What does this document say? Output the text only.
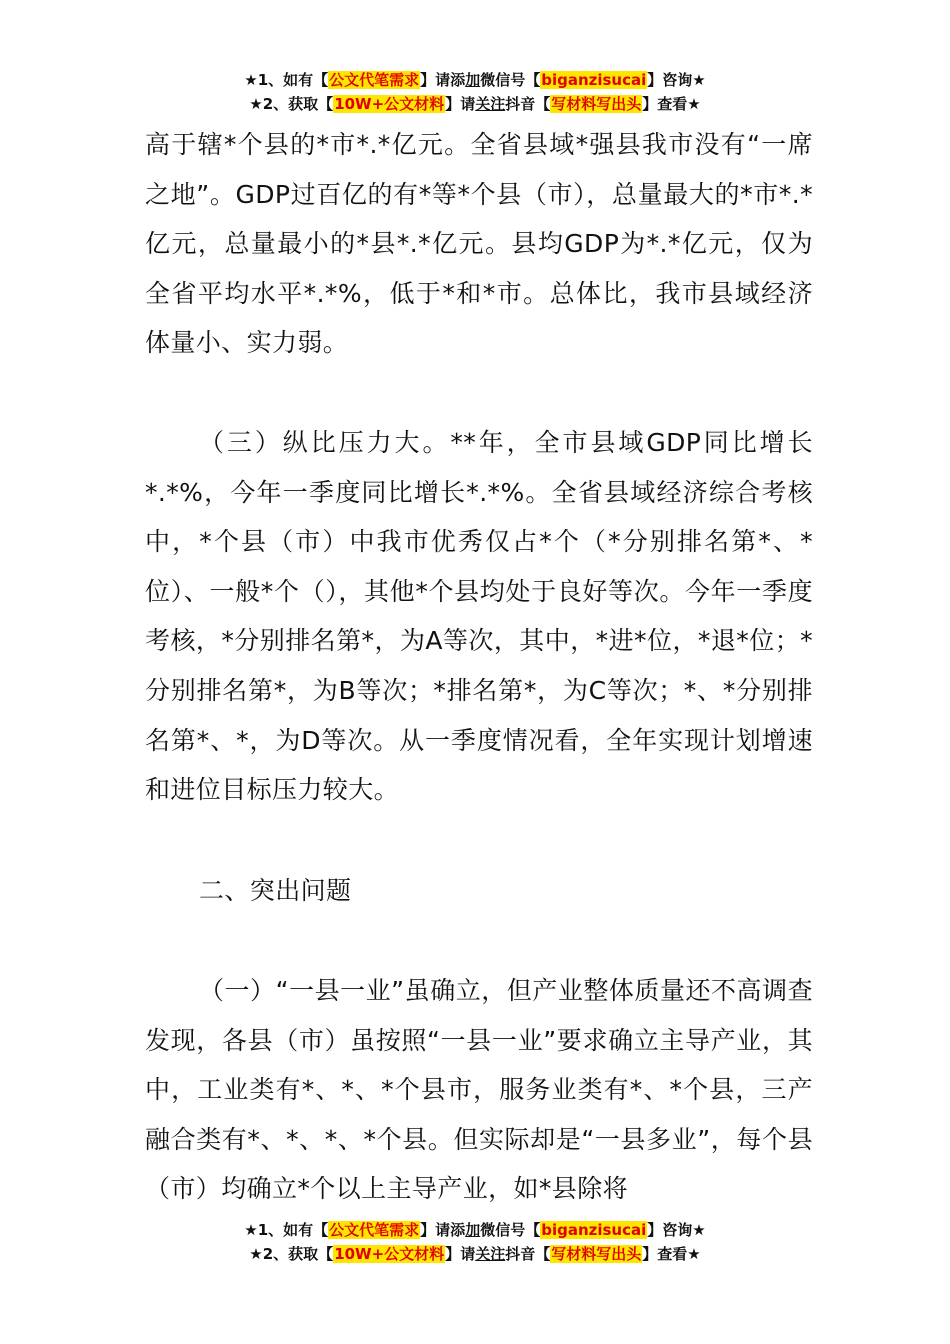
★1、如有【公文代笔需求】请添加微信号【biganzisucai】咨询★
★2、获取【10W+公文材料】请关注抖音【写材料写出头】查看★
高于辖*个县的*市*.*亿元。全省县域*强县我市没有“一席之地”。GDP过百亿的有*等*个县（市），总量最大的*市*.*亿元，总量最小的*县*.*亿元。县均GDP为*.*亿元，仅为全省平均水平*.*%，低于*和*市。总体比，我市县域经济体量小、实力弱。
（三）纵比压力大。**年，全市县域GDP同比增长*.*%，今年一季度同比增长*.*%。全省县域经济综合考核中，*个县（市）中我市优秀仅占*个（*分别排名第*、*位）、一般*个（），其他*个县均处于良好等次。今年一季度考核，*分别排名第*，为A等次，其中，*进*位，*退*位；*分别排名第*，为B等次；*排名第*，为C等次；*、*分别排名第*、*，为D等次。从一季度情况看，全年实现计划增速和进位目标压力较大。
二、突出问题
（一）“一县一业”虽确立，但产业整体质量还不高调查发现，各县（市）虽按照“一县一业”要求确立主导产业，其中，工业类有*、*、*个县市，服务业类有*、*个县，三产融合类有*、*、*、*个县。但实际却是“一县多业”，每个县（市）均确立*个以上主导产业，如*县除将
★1、如有【公文代笔需求】请添加微信号【biganzisucai】咨询★
★2、获取【10W+公文材料】请关注抖音【写材料写出头】查看★
